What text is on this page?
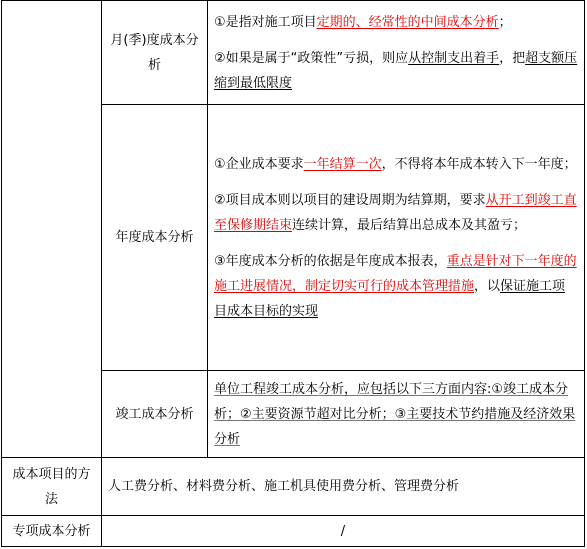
	月(季)度成本分析	①是指对施工项目定期的、经常性的中间成本分析；

②如果是属于“政策性”亏损，则应从控制支出着手，把超支额压缩到最低限度

	年度成本分析	①企业成本要求一年结算一次，不得将本年成本转入下一年度；

②项目成本则以项目的建设周期为结算期，要求从开工到竣工直至保修期结束连续计算，最后结算出总成本及其盈亏；

③年度成本分析的依据是年度成本报表，重点是针对下一年度的施工进展情况，制定切实可行的成本管理措施，以保证施工项目成本目标的实现

	竣工成本分析	单位工程竣工成本分析，应包括以下三方面内容:①竣工成本分析；②主要资源节超对比分析；③主要技术节约措施及经济效果分析
成本项目的方法	人工费分析、材料费分析、施工机具使用费分析、管理费分析	
专项成本分析	/	
